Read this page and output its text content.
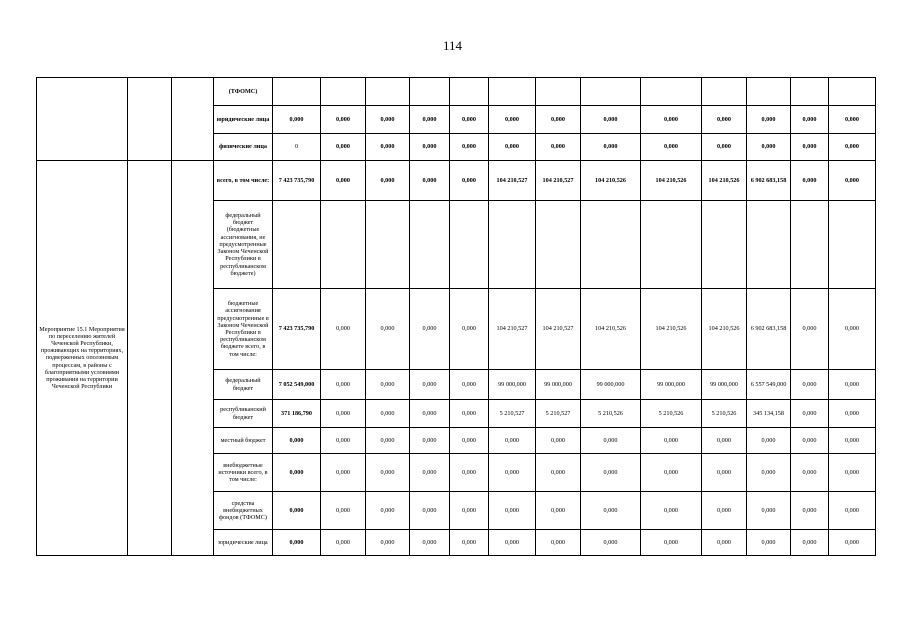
114
			(ТФОМС)													
			юридические лица	0,000	0,000	0,000	0,000	0,000	0,000	0,000	0,000	0,000	0,000	0,000	0,000	0,000
			физические лица	0	0,000	0,000	0,000	0,000	0,000	0,000	0,000	0,000	0,000	0,000	0,000	0,000
Мероприятие 15.1 Мероприятия по переселению жителей Чеченской Республики, проживающих на территориях, подверженных оползневым процессам, в районы с благоприятными условиями проживания на территории Чеченской Республики			всего, в том числе:	7 423 735,790	0,000	0,000	0,000	0,000	104 210,527	104 210,527	104 210,526	104 210,526	104 210,526	6 902 683,158	0,000	0,000
			федеральный бюджет (бюджетные ассигнования, не предусмотренные Законом Чеченской Республики в республиканском бюджете)													
			бюджетные ассигнования предусмотренные в Законом Чеченской Республики в республиканском бюджете всего, в том числе:	7 423 735,790	0,000	0,000	0,000	0,000	104 210,527	104 210,527	104 210,526	104 210,526	104 210,526	6 902 683,158	0,000	0,000
			федеральный бюджет	7 052 549,000	0,000	0,000	0,000	0,000	99 000,000	99 000,000	99 000,000	99 000,000	99 000,000	6 557 549,000	0,000	0,000
			республиканский бюджет	371 186,790	0,000	0,000	0,000	0,000	5 210,527	5 210,527	5 210,526	5 210,526	5 210,526	345 134,158	0,000	0,000
			местный бюджет	0,000	0,000	0,000	0,000	0,000	0,000	0,000	0,000	0,000	0,000	0,000	0,000	0,000
			внебюджетные источники всего, в том числе:	0,000	0,000	0,000	0,000	0,000	0,000	0,000	0,000	0,000	0,000	0,000	0,000	0,000
			средства внебюджетных фондов (ТФОМС)	0,000	0,000	0,000	0,000	0,000	0,000	0,000	0,000	0,000	0,000	0,000	0,000	0,000
			юридические лица	0,000	0,000	0,000	0,000	0,000	0,000	0,000	0,000	0,000	0,000	0,000	0,000	0,000
